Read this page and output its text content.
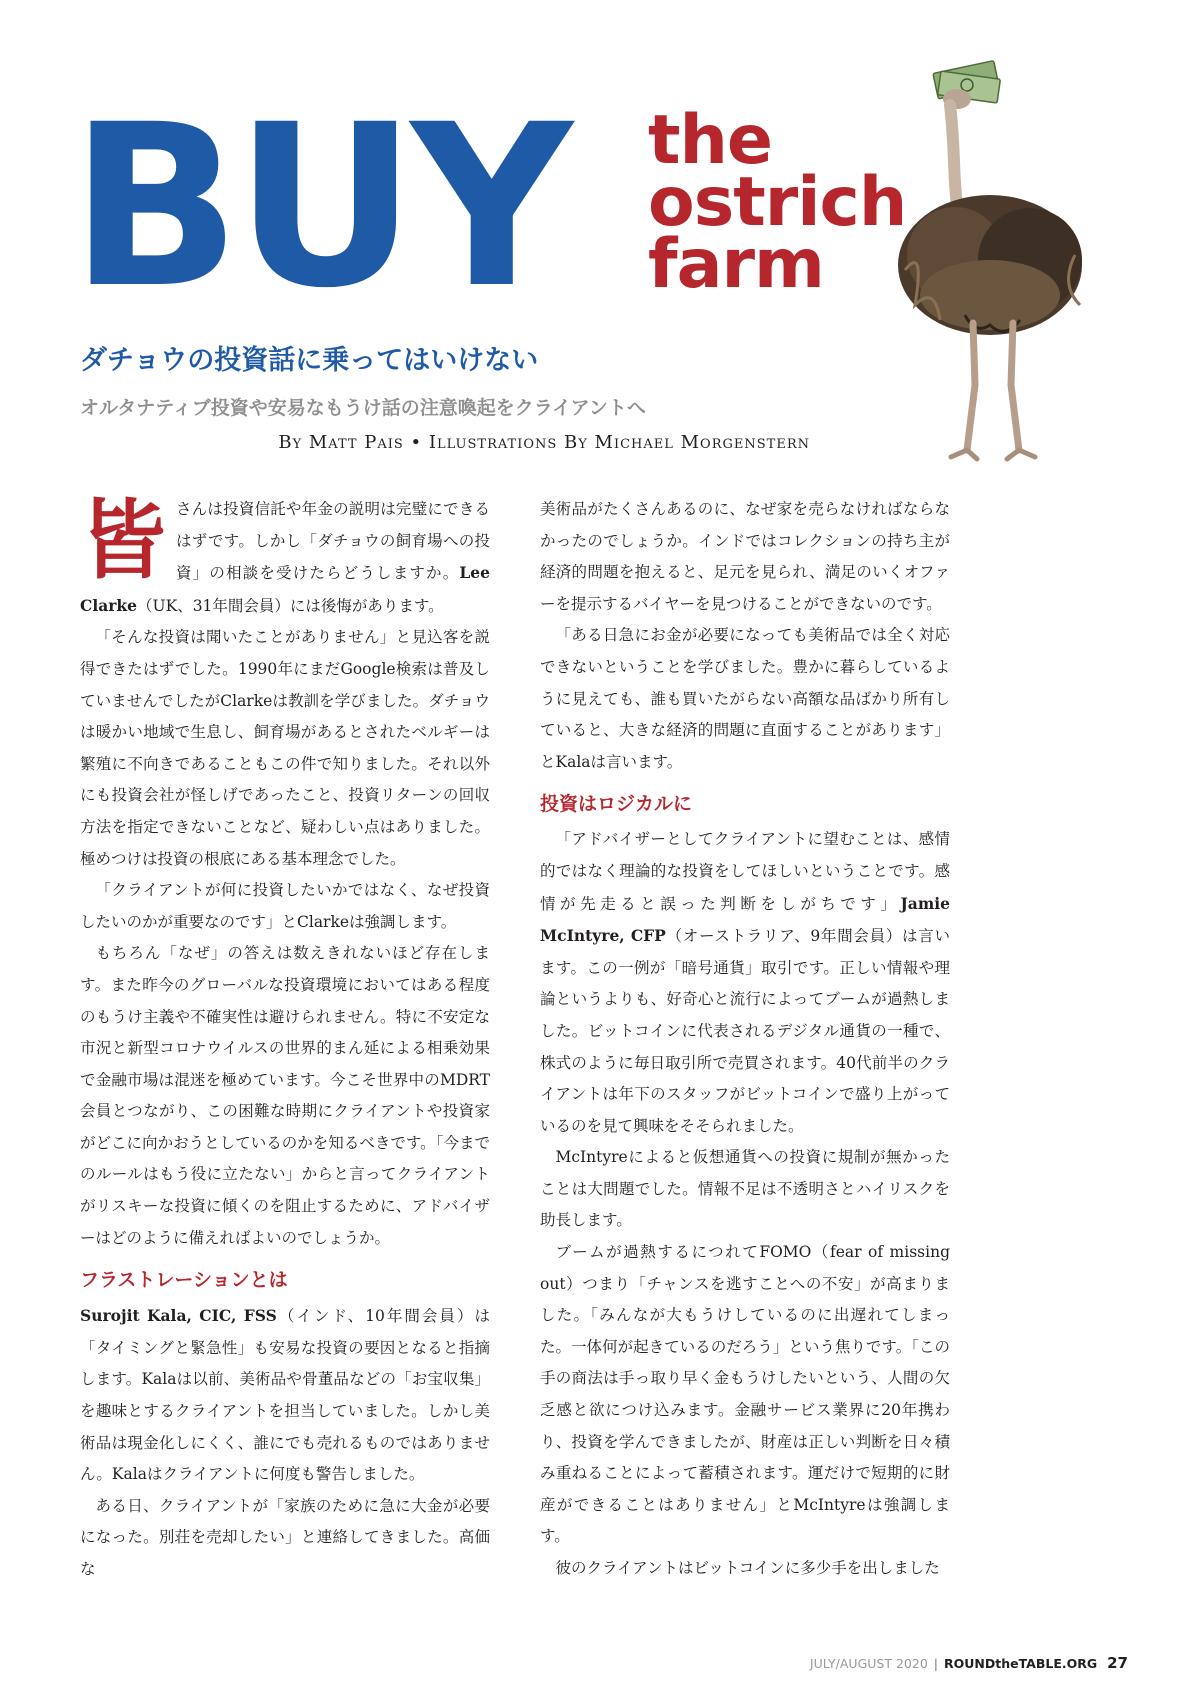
BUY the
ostrich
farm
ダチョウの投資話に乗ってはいけない
オルタナティブ投資や安易なもうけ話の注意喚起をクライアントへ
By Matt Pais • Illustrations By Michael Morgenstern

皆さんは投資信託や年金の説明は完璧にできるはずです。しかし「ダチョウの飼育場への投資」の相談を受けたらどうしますか。Lee Clarke（UK、31年間会員）には後悔があります。

「そんな投資は聞いたことがありません」と見込客を説得できたはずでした。1990年にまだGoogle検索は普及していませんでしたがClarkeは教訓を学びました。ダチョウは暖かい地域で生息し、飼育場があるとされたベルギーは繁殖に不向きであることもこの件で知りました。それ以外にも投資会社が怪しげであったこと、投資リターンの回収方法を指定できないことなど、疑わしい点はありました。極めつけは投資の根底にある基本理念でした。

「クライアントが何に投資したいかではなく、なぜ投資したいのかが重要なのです」とClarkeは強調します。

もちろん「なぜ」の答えは数えきれないほど存在します。また昨今のグローバルな投資環境においてはある程度のもうけ主義や不確実性は避けられません。特に不安定な市況と新型コロナウイルスの世界的まん延による相乗効果で金融市場は混迷を極めています。今こそ世界中のMDRT会員とつながり、この困難な時期にクライアントや投資家がどこに向かおうとしているのかを知るべきです。「今までのルールはもう役に立たない」からと言ってクライアントがリスキーな投資に傾くのを阻止するために、アドバイザーはどのように備えればよいのでしょうか。

フラストレーションとは

Surojit Kala, CIC, FSS（インド、10年間会員）は「タイミングと緊急性」も安易な投資の要因となると指摘します。Kalaは以前、美術品や骨董品などの「お宝収集」を趣味とするクライアントを担当していました。しかし美術品は現金化しにくく、誰にでも売れるものではありません。Kalaはクライアントに何度も警告しました。

ある日、クライアントが「家族のために急に大金が必要になった。別荘を売却したい」と連絡してきました。高価な

美術品がたくさんあるのに、なぜ家を売らなければならなかったのでしょうか。インドではコレクションの持ち主が経済的問題を抱えると、足元を見られ、満足のいくオファーを提示するバイヤーを見つけることができないのです。

「ある日急にお金が必要になっても美術品では全く対応できないということを学びました。豊かに暮らしているように見えても、誰も買いたがらない高額な品ばかり所有していると、大きな経済的問題に直面することがあります」とKalaは言います。

投資はロジカルに

「アドバイザーとしてクライアントに望むことは、感情的ではなく理論的な投資をしてほしいということです。感情が先走ると誤った判断をしがちです」Jamie McIntyre, CFP（オーストラリア、9年間会員）は言います。この一例が「暗号通貨」取引です。正しい情報や理論というよりも、好奇心と流行によってブームが過熱しました。ビットコインに代表されるデジタル通貨の一種で、株式のように毎日取引所で売買されます。40代前半のクライアントは年下のスタッフがビットコインで盛り上がっているのを見て興味をそそられました。

McIntyreによると仮想通貨への投資に規制が無かったことは大問題でした。情報不足は不透明さとハイリスクを助長します。

ブームが過熱するにつれてFOMO（fear of missing out）つまり「チャンスを逃すことへの不安」が高まりました。「みんなが大もうけしているのに出遅れてしまった。一体何が起きているのだろう」という焦りです。「この手の商法は手っ取り早く金もうけしたいという、人間の欠乏感と欲につけ込みます。金融サービス業界に20年携わり、投資を学んできましたが、財産は正しい判断を日々積み重ねることによって蓄積されます。運だけで短期的に財産ができることはありません」とMcIntyreは強調します。

彼のクライアントはビットコインに多少手を出しました

JULY/AUGUST 2020 | ROUNDtheTABLE.ORG 27
